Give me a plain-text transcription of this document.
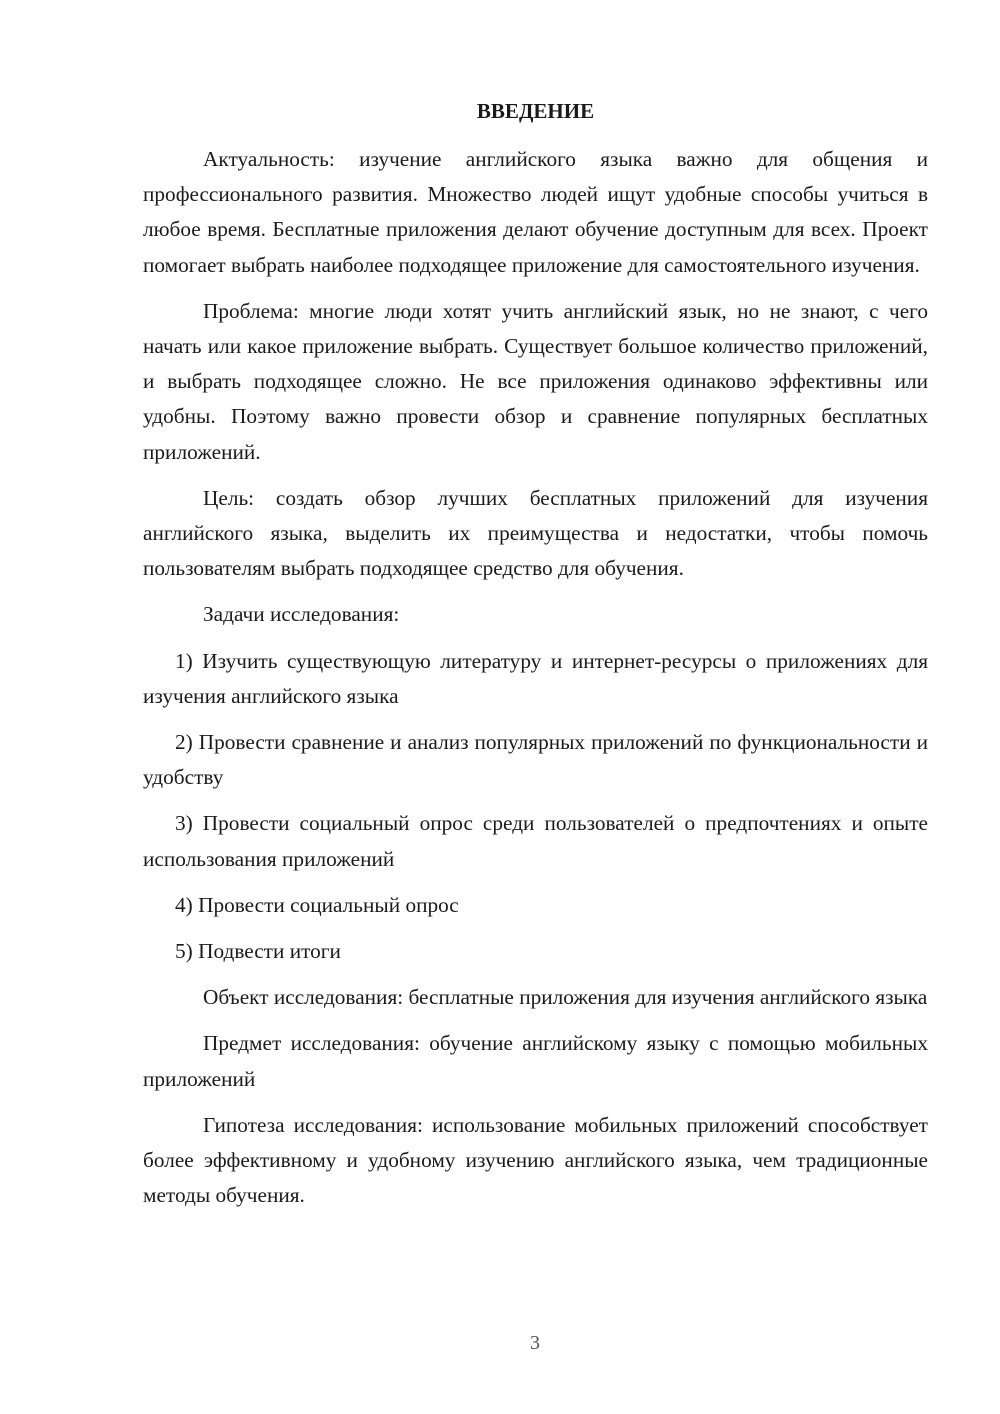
ВВЕДЕНИЕ

Актуальность: изучение английского языка важно для общения и профессионального развития. Множество людей ищут удобные способы учиться в любое время. Бесплатные приложения делают обучение доступным для всех. Проект помогает выбрать наиболее подходящее приложение для самостоятельного изучения.

Проблема: многие люди хотят учить английский язык, но не знают, с чего начать или какое приложение выбрать. Существует большое количество приложений, и выбрать подходящее сложно. Не все приложения одинаково эффективны или удобны. Поэтому важно провести обзор и сравнение популярных бесплатных приложений.

Цель: создать обзор лучших бесплатных приложений для изучения английского языка, выделить их преимущества и недостатки, чтобы помочь пользователям выбрать подходящее средство для обучения.

Задачи исследования:

1) Изучить существующую литературу и интернет-ресурсы о приложениях для изучения английского языка

2) Провести сравнение и анализ популярных приложений по функциональности и удобству

3) Провести социальный опрос среди пользователей о предпочтениях и опыте использования приложений

4) Провести социальный опрос

5) Подвести итоги

Объект исследования: бесплатные приложения для изучения английского языка

Предмет исследования: обучение английскому языку с помощью мобильных приложений

Гипотеза исследования: использование мобильных приложений способствует более эффективному и удобному изучению английского языка, чем традиционные методы обучения.

3
